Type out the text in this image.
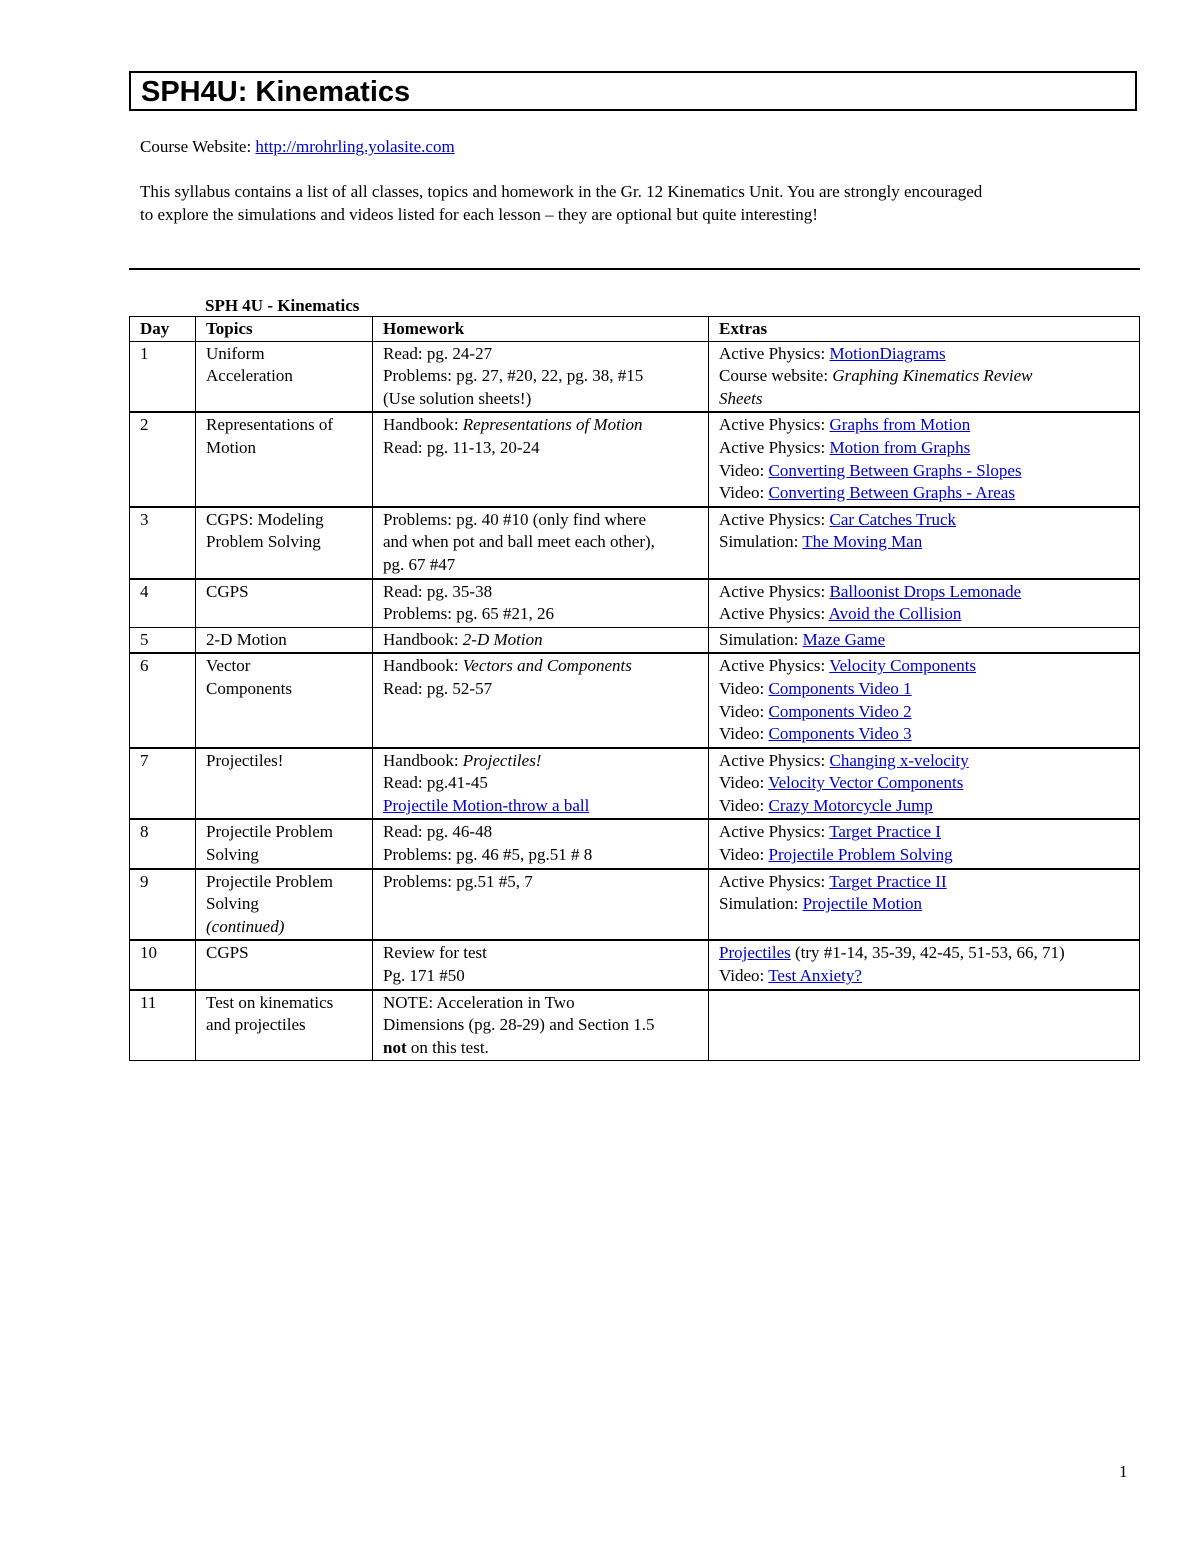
SPH4U: Kinematics
Course Website: http://mrohrling.yolasite.com

This syllabus contains a list of all classes, topics and homework in the Gr. 12 Kinematics Unit. You are strongly encouraged
to explore the simulations and videos listed for each lesson – they are optional but quite interesting!

SPH 4U - Kinematics
Day	Topics	Homework	Extras
1	Uniform
Acceleration	Read: pg. 24-27
Problems: pg. 27, #20, 22, pg. 38, #15
(Use solution sheets!)	Active Physics: MotionDiagrams
Course website: Graphing Kinematics Review
Sheets

2	Representations of
Motion	Handbook: Representations of Motion
Read: pg. 11-13, 20-24	Active Physics: Graphs from Motion
Active Physics: Motion from Graphs
Video: Converting Between Graphs - Slopes
Video: Converting Between Graphs - Areas

3	CGPS: Modeling
Problem Solving	Problems: pg. 40 #10 (only find where
and when pot and ball meet each other),
pg. 67 #47	Active Physics: Car Catches Truck
Simulation: The Moving Man

4	CGPS	Read: pg. 35-38
Problems: pg. 65 #21, 26	Active Physics: Balloonist Drops Lemonade
Active Physics: Avoid the Collision

5	2-D Motion	Handbook: 2-D Motion	Simulation: Maze Game

6	Vector
Components	Handbook: Vectors and Components
Read: pg. 52-57	Active Physics: Velocity Components
Video: Components Video 1
Video: Components Video 2
Video: Components Video 3

7	Projectiles!	Handbook: Projectiles!
Read: pg.41-45
Projectile Motion-throw a ball	Active Physics: Changing x-velocity
Video: Velocity Vector Components
Video: Crazy Motorcycle Jump

8	Projectile Problem
Solving	Read: pg. 46-48
Problems: pg. 46 #5, pg.51 # 8	Active Physics: Target Practice I
Video: Projectile Problem Solving

9	Projectile Problem
Solving
(continued)	Problems: pg.51 #5, 7	Active Physics: Target Practice II
Simulation: Projectile Motion

10	CGPS	Review for test
Pg. 171 #50	Projectiles (try #1-14, 35-39, 42-45, 51-53, 66, 71)
Video: Test Anxiety?

11	Test on kinematics
and projectiles	NOTE: Acceleration in Two
Dimensions (pg. 28-29) and Section 1.5
not on this test.	

1
